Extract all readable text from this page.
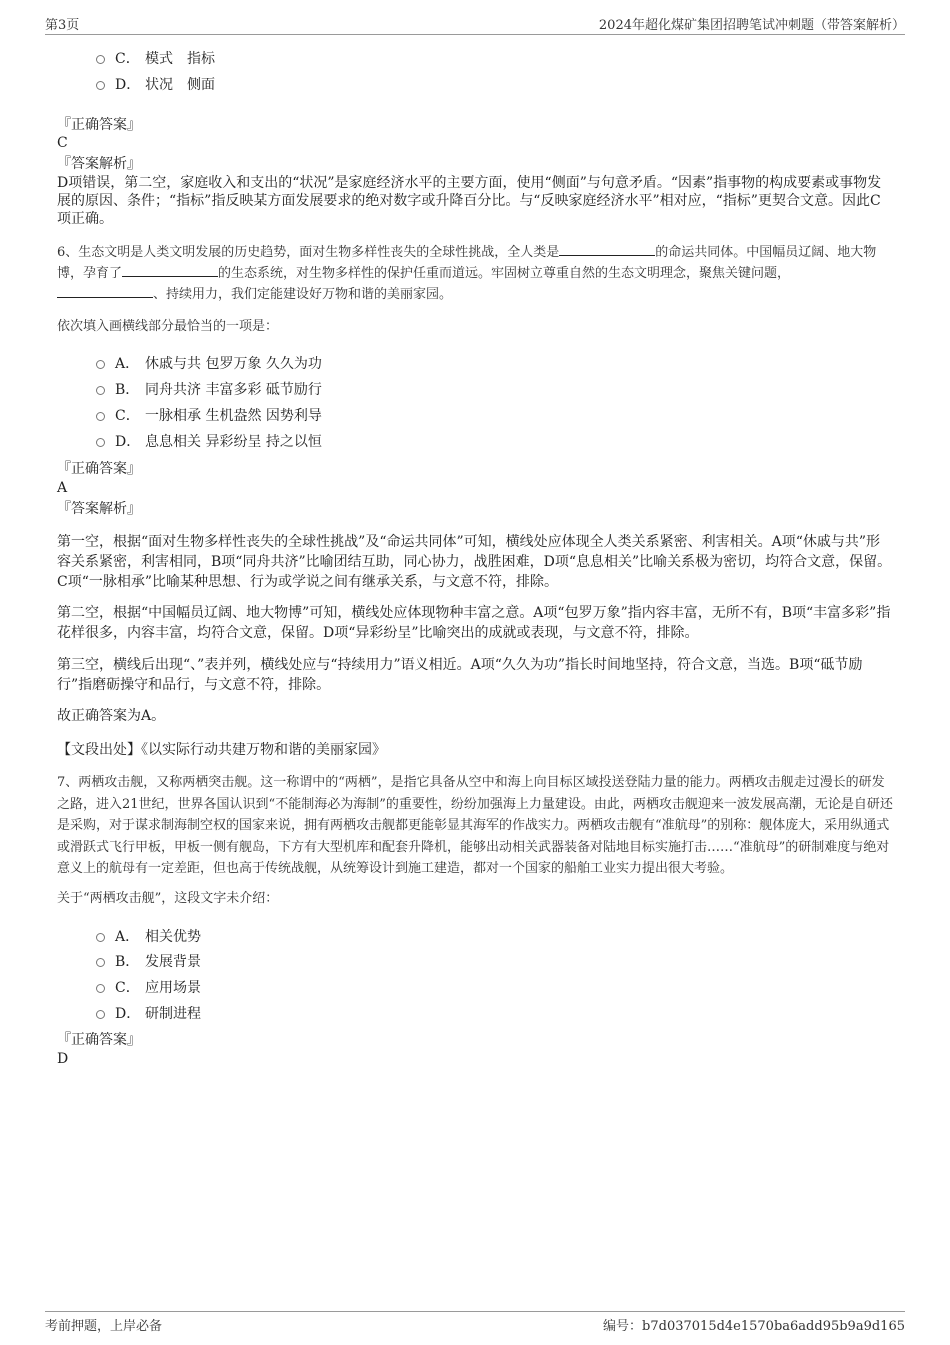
第3页	2024年超化煤矿集团招聘笔试冲刺题（带答案解析）
C． 模式　指标
D． 状况　侧面
『正确答案』
C
『答案解析』
D项错误，第二空，家庭收入和支出的“状况”是家庭经济水平的主要方面，使用“侧面”与句意矛盾。“因素”指事物的构成要素或事物发展的原因、条件；“指标”指反映某方面发展要求的绝对数字或升降百分比。与“反映家庭经济水平”相对应，“指标”更契合文意。因此C项正确。
6、生态文明是人类文明发展的历史趋势，面对生物多样性丧失的全球性挑战，全人类是	的命运共同体。中国幅员辽阔、地大物博，孕育了	的生态系统，对生物多样性的保护任重而道远。牢固树立尊重自然的生态文明理念，聚焦关键问题，
、持续用力，我们定能建设好万物和谐的美丽家园。
依次填入画横线部分最恰当的一项是：
A． 休戚与共 包罗万象 久久为功
B． 同舟共济 丰富多彩 砥节励行
C． 一脉相承 生机盎然 因势利导
D． 息息相关 异彩纷呈 持之以恒
『正确答案』
A
『答案解析』
第一空，根据“面对生物多样性丧失的全球性挑战”及“命运共同体”可知，横线处应体现全人类关系紧密、利害相关。A项“休戚与共”形容关系紧密，利害相同，B项“同舟共济”比喻团结互助，同心协力，战胜困难，D项“息息相关”比喻关系极为密切，均符合文意，保留。C项“一脉相承”比喻某种思想、行为或学说之间有继承关系，与文意不符，排除。
第二空，根据“中国幅员辽阔、地大物博”可知，横线处应体现物种丰富之意。A项“包罗万象”指内容丰富，无所不有，B项“丰富多彩”指花样很多，内容丰富，均符合文意，保留。D项“异彩纷呈”比喻突出的成就或表现，与文意不符，排除。
第三空，横线后出现“、”表并列，横线处应与“持续用力”语义相近。A项“久久为功”指长时间地坚持，符合文意，当选。B项“砥节励行”指磨砺操守和品行，与文意不符，排除。
故正确答案为A。
【文段出处】《以实际行动共建万物和谐的美丽家园》
7、两栖攻击舰，又称两栖突击舰。这一称谓中的“两栖”，是指它具备从空中和海上向目标区域投送登陆力量的能力。两栖攻击舰走过漫长的研发之路，进入21世纪，世界各国认识到“不能制海必为海制”的重要性，纷纷加强海上力量建设。由此，两栖攻击舰迎来一波发展高潮，无论是自研还是采购，对于谋求制海制空权的国家来说，拥有两栖攻击舰都更能彰显其海军的作战实力。两栖攻击舰有“准航母”的别称：舰体庞大，采用纵通式或滑跃式飞行甲板，甲板一侧有舰岛，下方有大型机库和配套升降机，能够出动相关武器装备对陆地目标实施打击……“准航母”的研制难度与绝对意义上的航母有一定差距，但也高于传统战舰，从统筹设计到施工建造，都对一个国家的船舶工业实力提出很大考验。
关于“两栖攻击舰”，这段文字未介绍：
A． 相关优势
B． 发展背景
C． 应用场景
D． 研制进程
『正确答案』
D
考前押题，上岸必备	编号：b7d037015d4e1570ba6add95b9a9d165
